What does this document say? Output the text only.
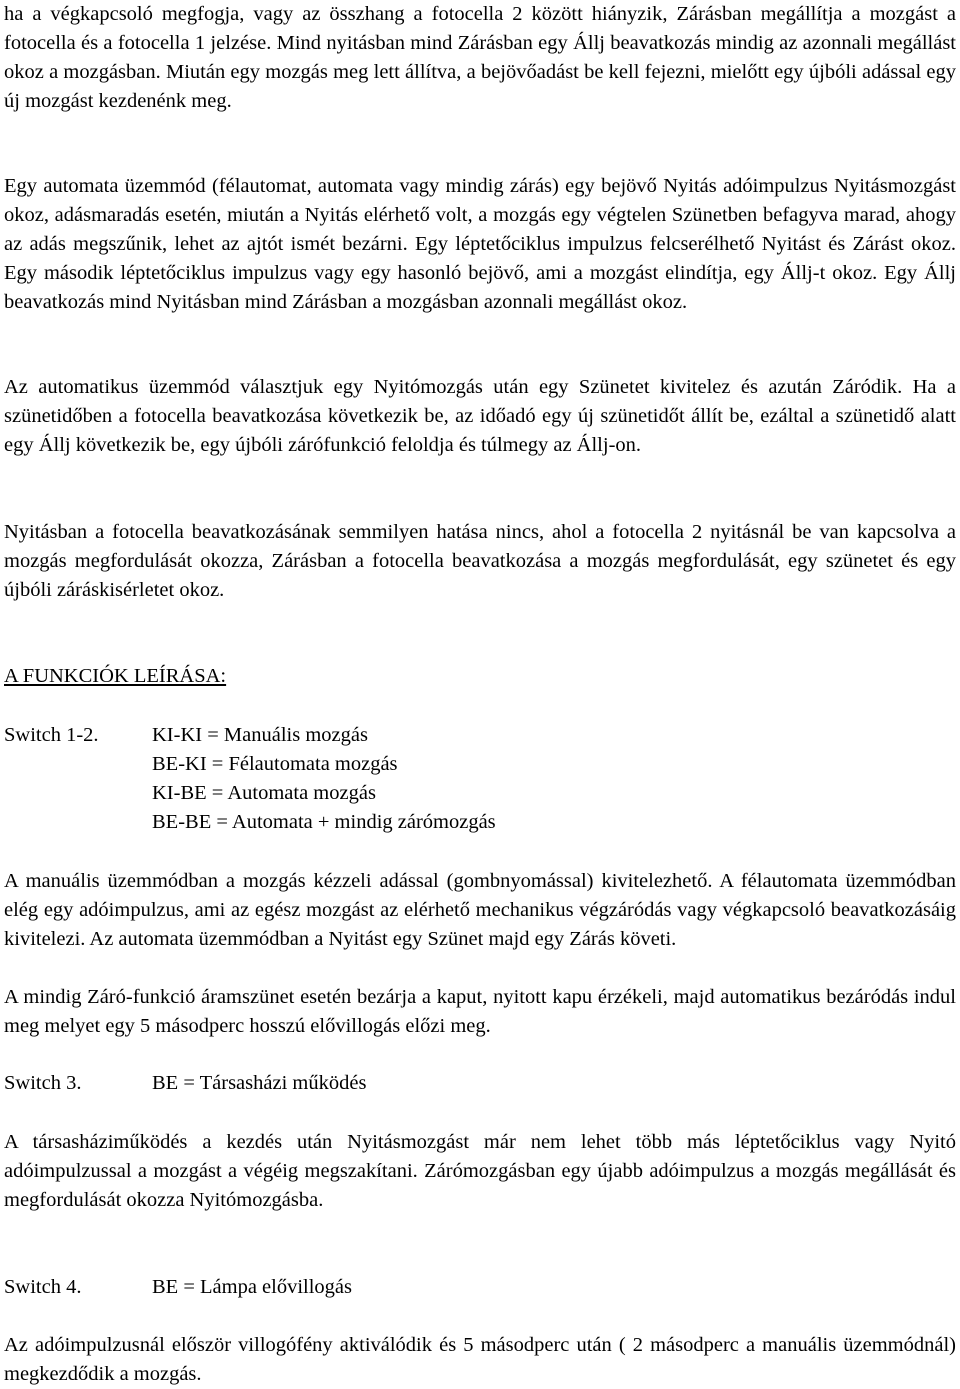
ha a végkapcsoló megfogja, vagy az összhang a fotocella 2 között hiányzik, Zárásban megállítja a mozgást a fotocella és a fotocella 1 jelzése. Mind nyitásban mind Zárásban egy Állj beavatkozás mindig az azonnali megállást okoz a mozgásban. Miután egy mozgás meg lett állítva, a bejövőadást be kell fejezni, mielőtt egy újbóli adással egy új mozgást kezdenénk meg.

Egy automata üzemmód (félautomat, automata vagy mindig zárás) egy bejövő Nyitás adóimpulzus Nyitásmozgást okoz, adásmaradás esetén, miután a Nyitás elérhető volt, a mozgás egy végtelen Szünetben befagyva marad, ahogy az adás megszűnik, lehet az ajtót ismét bezárni. Egy léptetőciklus impulzus felcserélhető Nyitást és Zárást okoz. Egy második léptetőciklus impulzus vagy egy hasonló bejövő, ami a mozgást elindítja, egy Állj-t okoz. Egy Állj beavatkozás mind Nyitásban mind Zárásban a mozgásban azonnali megállást okoz.

Az automatikus üzemmód választjuk egy Nyitómozgás után egy Szünetet kivitelez és azután Záródik. Ha a szünetidőben a fotocella beavatkozása következik be, az időadó egy új szünetidőt állít be, ezáltal a szünetidő alatt egy Állj következik be, egy újbóli zárófunkció feloldja és túlmegy az Állj-on.

Nyitásban a fotocella beavatkozásának semmilyen hatása nincs, ahol a fotocella 2 nyitásnál be van kapcsolva a mozgás megfordulását okozza, Zárásban a fotocella beavatkozása a mozgás megfordulását, egy szünetet és egy újbóli záráskisérletet okoz.

A FUNKCIÓK LEÍRÁSA:

Switch 1-2.	KI-KI = Manuális mozgás
BE-KI = Félautomata mozgás
KI-BE = Automata mozgás
BE-BE = Automata + mindig zárómozgás

A manuális üzemmódban a mozgás kézzeli adással (gombnyomással) kivitelezhető. A félautomata üzemmódban elég egy adóimpulzus, ami az egész mozgást az elérhető mechanikus végzáródás vagy végkapcsoló beavatkozásáig kivitelezi. Az automata üzemmódban a Nyitást egy Szünet majd egy Zárás követi.

A mindig Záró-funkció áramszünet esetén bezárja a kaput, nyitott kapu érzékeli, majd automatikus bezáródás indul meg melyet egy 5 másodperc hosszú elővillogás előzi meg.

Switch 3.	BE = Társasházi működés

A társasházi​működés a kezdés után Nyitásmozgást már nem lehet több más léptetőciklus vagy Nyitó adóimpulzussal a mozgást a végéig megszakítani. Zárómozgásban egy újabb adóimpulzus a mozgás megállását és megfordulását okozza Nyitómozgásba.

Switch 4.	BE = Lámpa elővillogás

Az adóimpulzusnál először villogófény aktiválódik és 5 másodperc után ( 2 másodperc a manuális üzemmódnál) megkezdődik a mozgás.
